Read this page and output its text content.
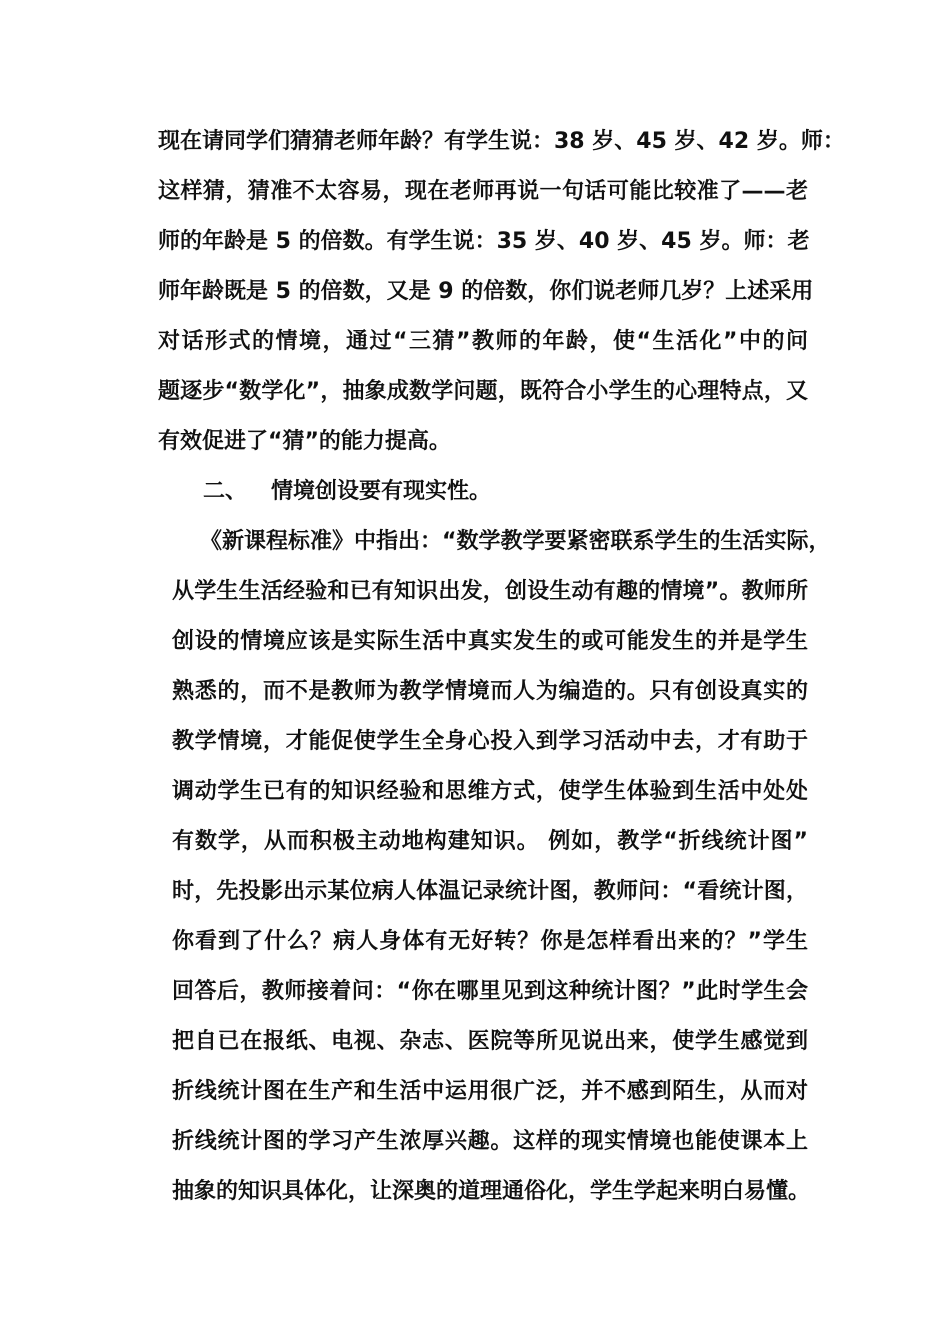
现在请同学们猜猜老师年龄？有学生说：38 岁、45 岁、42 岁。师：
这样猜，猜准不太容易，现在老师再说一句话可能比较准了——老
师的年龄是 5 的倍数。有学生说：35 岁、40 岁、45 岁。师：老
师年龄既是 5 的倍数，又是 9 的倍数，你们说老师几岁？上述采用
对话形式的情境，通过“三猜”教师的年龄，使“生活化”中的问
题逐步“数学化”，抽象成数学问题，既符合小学生的心理特点，又
有效促进了“猜”的能力提高。
二、 情境创设要有现实性。
《新课程标准》中指出：“数学教学要紧密联系学生的生活实际，
从学生生活经验和已有知识出发，创设生动有趣的情境”。教师所
创设的情境应该是实际生活中真实发生的或可能发生的并是学生
熟悉的，而不是教师为教学情境而人为编造的。只有创设真实的
教学情境，才能促使学生全身心投入到学习活动中去，才有助于
调动学生已有的知识经验和思维方式，使学生体验到生活中处处
有数学，从而积极主动地构建知识。 例如，教学“折线统计图”
时，先投影出示某位病人体温记录统计图，教师问：“看统计图，
你看到了什么？病人身体有无好转？你是怎样看出来的？”学生
回答后，教师接着问：“你在哪里见到这种统计图？”此时学生会
把自已在报纸、电视、杂志、医院等所见说出来，使学生感觉到
折线统计图在生产和生活中运用很广泛，并不感到陌生，从而对
折线统计图的学习产生浓厚兴趣。这样的现实情境也能使课本上
抽象的知识具体化，让深奥的道理通俗化，学生学起来明白易懂。
